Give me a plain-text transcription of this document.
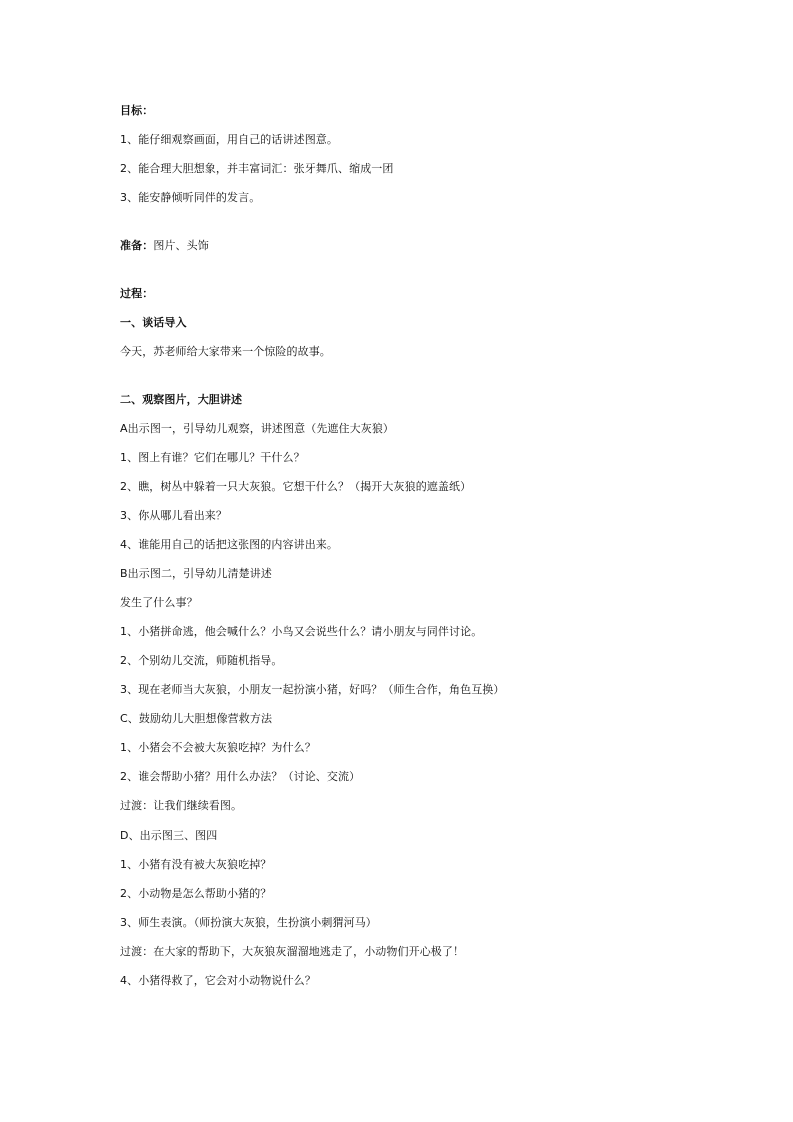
目标：
1、能仔细观察画面，用自己的话讲述图意。
2、能合理大胆想象，并丰富词汇：张牙舞爪、缩成一团
3、能安静倾听同伴的发言。
准备：图片、头饰
过程：
一、谈话导入
今天，苏老师给大家带来一个惊险的故事。
二、观察图片，大胆讲述
A出示图一，引导幼儿观察，讲述图意（先遮住大灰狼）
1、图上有谁？它们在哪儿？干什么？
2、瞧，树丛中躲着一只大灰狼。它想干什么？（揭开大灰狼的遮盖纸）
3、你从哪儿看出来？
4、谁能用自己的话把这张图的内容讲出来。
B出示图二，引导幼儿清楚讲述
发生了什么事？
1、小猪拼命逃，他会喊什么？小鸟又会说些什么？请小朋友与同伴讨论。
2、个别幼儿交流，师随机指导。
3、现在老师当大灰狼，小朋友一起扮演小猪，好吗？（师生合作，角色互换）
C、鼓励幼儿大胆想像营救方法
1、小猪会不会被大灰狼吃掉？为什么？
2、谁会帮助小猪？用什么办法？（讨论、交流）
过渡：让我们继续看图。
D、出示图三、图四
1、小猪有没有被大灰狼吃掉？
2、小动物是怎么帮助小猪的？
3、师生表演。（师扮演大灰狼，生扮演小刺猬河马）
过渡：在大家的帮助下，大灰狼灰溜溜地逃走了，小动物们开心极了！
4、小猪得救了，它会对小动物说什么？
